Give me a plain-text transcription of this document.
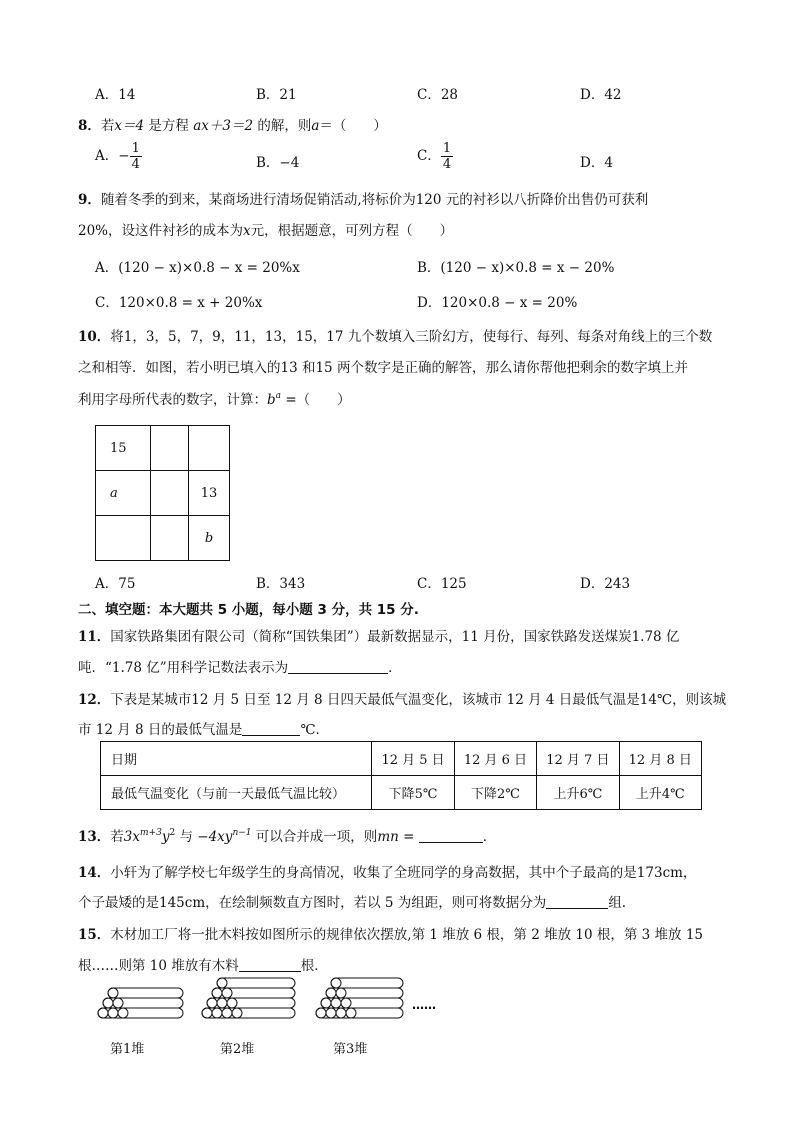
A．14	B．21	C．28	D．42
8．若x＝4 是方程 ax＋3＝2 的解，则a＝（　　）
A．− $\frac{1}{4}$	B．−4	C． $\frac{1}{4}$	D．4
9．随着冬季的到来，某商场进行清场促销活动,将标价为120 元的衬衫以八折降价出售仍可获利
20%，设这件衬衫的成本为x元，根据题意，可列方程（　　）
A．(120 − x)×0.8 − x = 20%x	B．(120 − x)×0.8 = x − 20%
C．120×0.8 = x + 20%x	D．120×0.8 − x = 20%
10．将1，3，5，7，9，11，13，15，17 九个数填入三阶幻方，使每行、每列、每条对角线上的三个数
之和相等．如图，若小明已填入的13 和15 两个数字是正确的解答，那么请你帮他把剩余的数字填上并
利用字母所代表的数字，计算：$b^a$ =（　　）
15		
a		13
		b
A．75	B．343	C．125	D．243
二、填空题：本大题共 5 小题，每小题 3 分，共 15 分.
11．国家铁路集团有限公司（简称“国铁集团”）最新数据显示，11 月份，国家铁路发送煤炭1.78 亿
吨．“1.78 亿”用科学记数法表示为	．
12．下表是某城市12 月 5 日至 12 月 8 日四天最低气温变化，该城市 12 月 4 日最低气温是14℃，则该城
市 12 月 8 日的最低气温是	℃．
日期	12 月 5 日	12 月 6 日	12 月 7 日	12 月 8 日
最低气温变化（与前一天最低气温比较）	下降5℃	下降2℃	上升6℃	上升4℃
13．若$3x^{m+3}y^2$ 与 $-4xy^{n-1}$ 可以合并成一项，则mn =	．
14．小轩为了解学校七年级学生的身高情况，收集了全班同学的身高数据，其中个子最高的是173cm，
个子最矮的是145cm，在绘制频数直方图时，若以 5 为组距，则可将数据分为	组.
15．木材加工厂将一批木料按如图所示的规律依次摆放,第 1 堆放 6 根，第 2 堆放 10 根，第 3 堆放 15
根……则第 10 堆放有木料	根．
……
第1堆	第2堆	第3堆
